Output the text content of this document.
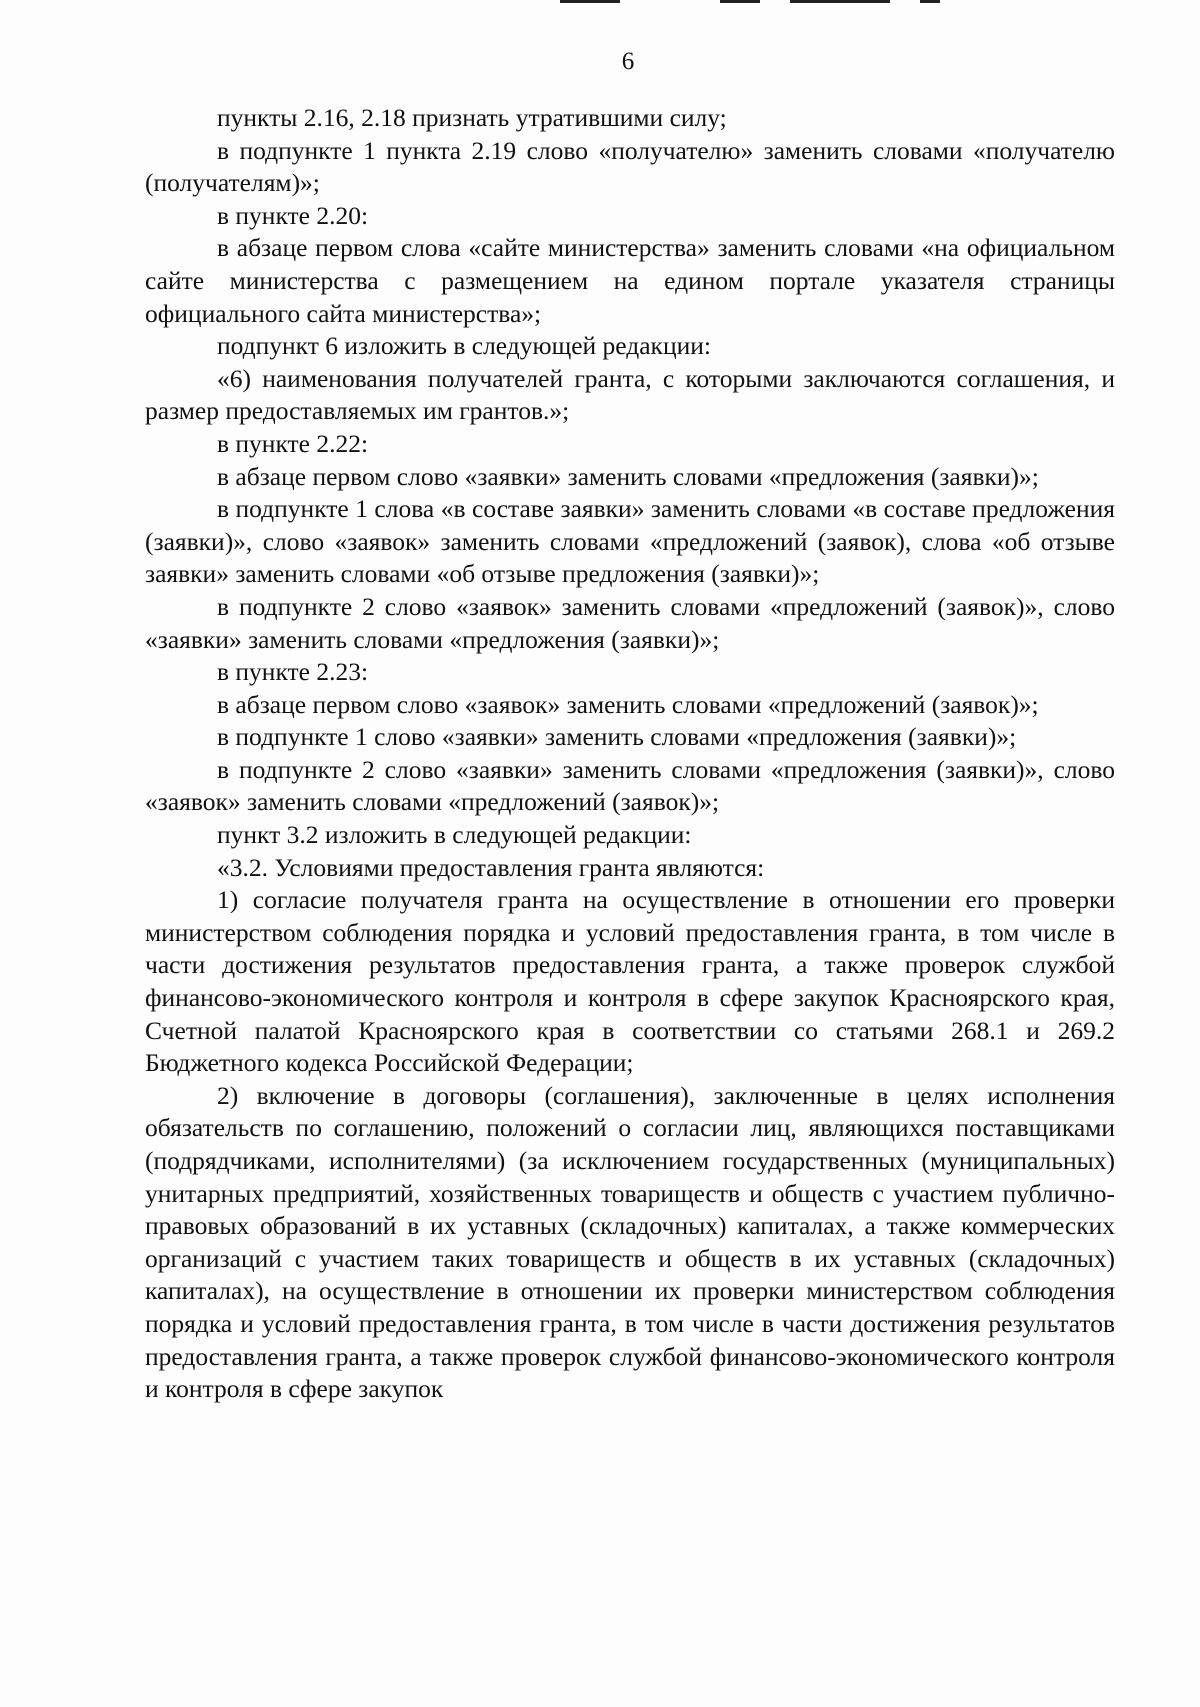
6

пункты 2.16, 2.18 признать утратившими силу;

в подпункте 1 пункта 2.19 слово «получателю» заменить словами «получателю (получателям)»;

в пункте 2.20:

в абзаце первом слова «сайте министерства» заменить словами «на официальном сайте министерства с размещением на едином портале указателя страницы официального сайта министерства»;

подпункт 6 изложить в следующей редакции:

«6) наименования получателей гранта, с которыми заключаются соглашения, и размер предоставляемых им грантов.»;

в пункте 2.22:

в абзаце первом слово «заявки» заменить словами «предложения (заявки)»;

в подпункте 1 слова «в составе заявки» заменить словами «в составе предложения (заявки)», слово «заявок» заменить словами «предложений (заявок), слова «об отзыве заявки» заменить словами «об отзыве предложения (заявки)»;

в подпункте 2 слово «заявок» заменить словами «предложений (заявок)», слово «заявки» заменить словами «предложения (заявки)»;

в пункте 2.23:

в абзаце первом слово «заявок» заменить словами «предложений (заявок)»;

в подпункте 1 слово «заявки» заменить словами «предложения (заявки)»;

в подпункте 2 слово «заявки» заменить словами «предложения (заявки)», слово «заявок» заменить словами «предложений (заявок)»;

пункт 3.2 изложить в следующей редакции:

«3.2. Условиями предоставления гранта являются:

1) согласие получателя гранта на осуществление в отношении его проверки министерством соблюдения порядка и условий предоставления гранта, в том числе в части достижения результатов предоставления гранта, а также проверок службой финансово-экономического контроля и контроля в сфере закупок Красноярского края, Счетной палатой Красноярского края в соответствии со статьями 268.1 и 269.2 Бюджетного кодекса Российской Федерации;

2) включение в договоры (соглашения), заключенные в целях исполнения обязательств по соглашению, положений о согласии лиц, являющихся поставщиками (подрядчиками, исполнителями) (за исключением государственных (муниципальных) унитарных предприятий, хозяйственных товариществ и обществ с участием публично-правовых образований в их уставных (складочных) капиталах, а также коммерческих организаций с участием таких товариществ и обществ в их уставных (складочных) капиталах), на осуществление в отношении их проверки министерством соблюдения порядка и условий предоставления гранта, в том числе в части достижения результатов предоставления гранта, а также проверок службой финансово-экономического контроля и контроля в сфере закупок
